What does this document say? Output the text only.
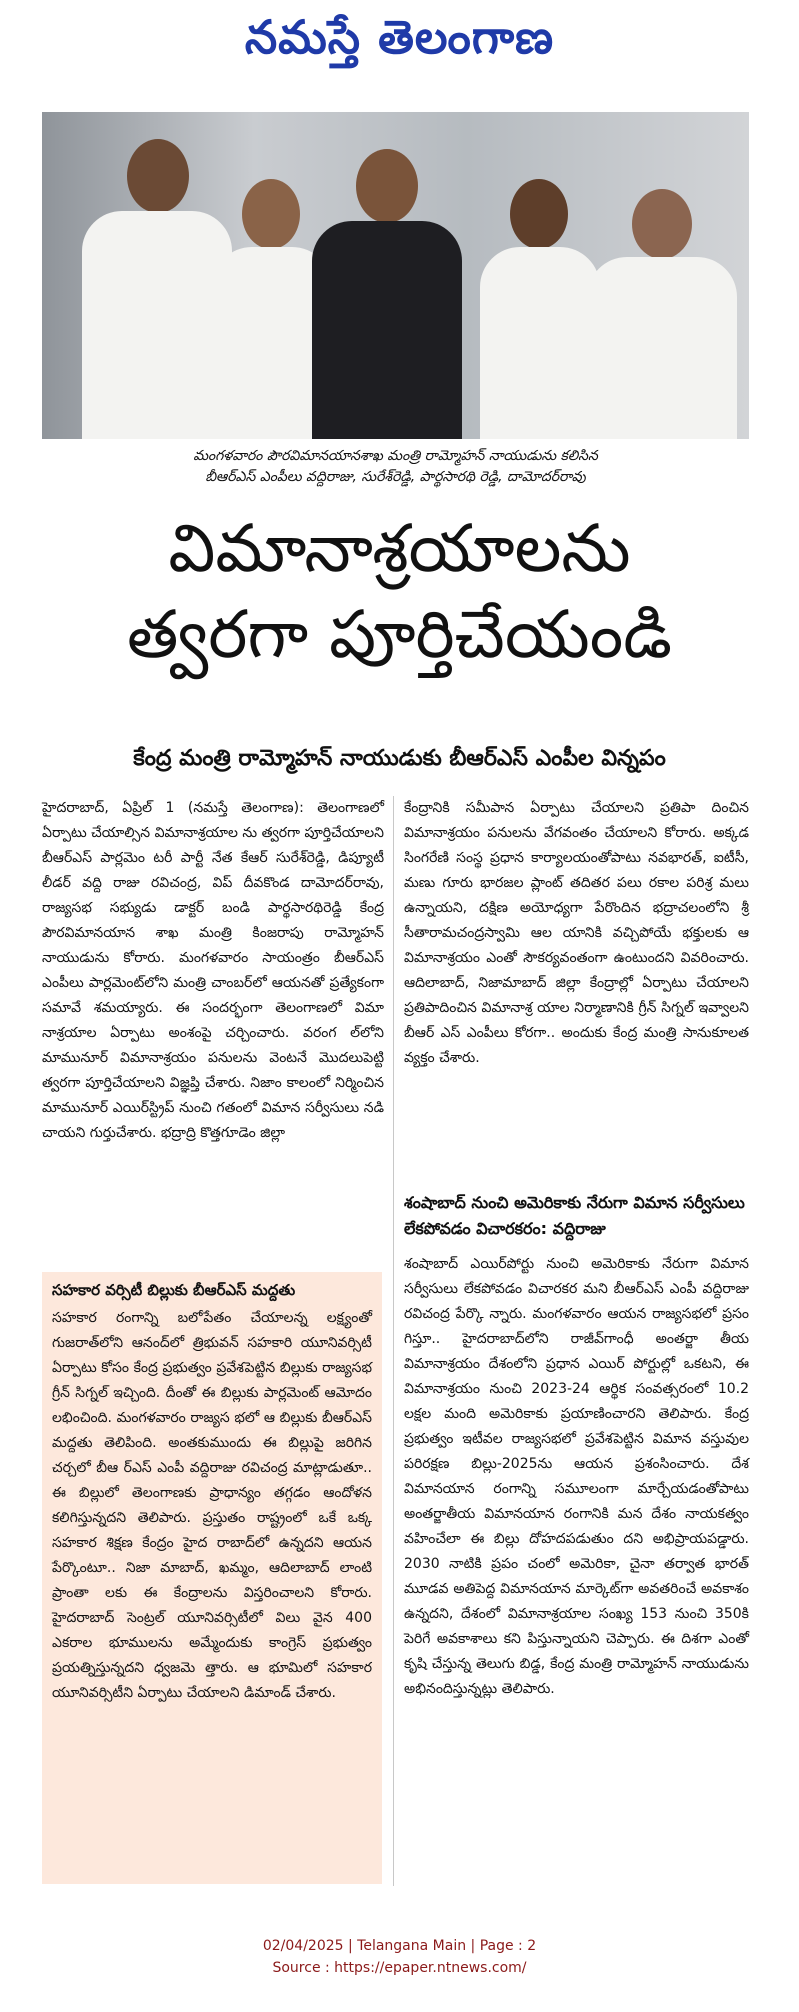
నమస్తే తెలంగాణ
మంగళవారం పౌరవిమానయానశాఖ మంత్రి రామ్మోహన్ నాయుడును కలిసిన
బీఆర్ఎస్ ఎంపీలు వద్దిరాజు, సురేశ్‌రెడ్డి, పార్థసారథి రెడ్డి, దామోదర్‌రావు
విమానాశ్రయాలను
త్వరగా పూర్తిచేయండి
కేంద్ర మంత్రి రామ్మోహన్ నాయుడుకు బీఆర్ఎస్ ఎంపీల విన్నపం

హైదరాబాద్, ఏప్రిల్ 1 (నమస్తే తెలంగాణ): తెలంగాణలో ఏర్పాటు చేయాల్సిన విమానాశ్రయాల ను త్వరగా పూర్తిచేయాలని బీఆర్ఎస్ పార్లమెం టరీ పార్టీ నేత కేఆర్ సురేశ్‌రెడ్డి, డిప్యూటీ లీడర్ వద్ది రాజు రవిచంద్ర, విప్ దీవకొండ దామోదర్‌రావు, రాజ్యసభ సభ్యుడు డాక్టర్ బండి పార్థసారథిరెడ్డి కేంద్ర పౌరవిమానయాన శాఖ మంత్రి కింజరాపు రామ్మోహన్ నాయుడును కోరారు. మంగళవారం సాయంత్రం బీఆర్ఎస్ ఎంపీలు పార్లమెంట్‌లోని మంత్రి చాంబర్‌లో ఆయనతో ప్రత్యేకంగా సమావే శమయ్యారు. ఈ సందర్భంగా తెలంగాణలో విమా నాశ్రయాల ఏర్పాటు అంశంపై చర్చించారు. వరంగ ల్‌లోని మామునూర్ విమానాశ్రయం పనులను వెంటనే మొదలుపెట్టి త్వరగా పూర్తిచేయాలని విజ్ఞప్తి చేశారు. నిజాం కాలంలో నిర్మించిన మామునూర్ ఎయిర్‌స్ట్రిప్ నుంచి గతంలో విమాన సర్వీసులు నడి చాయని గుర్తుచేశారు. భద్రాద్రి కొత్తగూడెం జిల్లా

కేంద్రానికి సమీపాన ఏర్పాటు చేయాలని ప్రతిపా దించిన విమానాశ్రయం పనులను వేగవంతం చేయాలని కోరారు. అక్కడ సింగరేణి సంస్థ ప్రధాన కార్యాలయంతోపాటు నవభారత్, ఐటీసీ, మణు గూరు భారజల ప్లాంట్ తదితర పలు రకాల పరిశ్ర మలు ఉన్నాయని, దక్షిణ అయోధ్యగా పేరొందిన భద్రాచలంలోని శ్రీ సీతారామచంద్రస్వామి ఆల యానికి వచ్చిపోయే భక్తులకు ఆ విమానాశ్రయం ఎంతో సౌకర్యవంతంగా ఉంటుందని వివరించారు. ఆదిలాబాద్, నిజామాబాద్ జిల్లా కేంద్రాల్లో ఏర్పాటు చేయాలని ప్రతిపాదించిన విమానాశ్ర యాల నిర్మాణానికి గ్రీన్ సిగ్నల్ ఇవ్వాలని బీఆర్ ఎస్ ఎంపీలు కోరగా.. అందుకు కేంద్ర మంత్రి సానుకూలత వ్యక్తం చేశారు.

శంషాబాద్ నుంచి అమెరికాకు నేరుగా విమాన సర్వీసులు లేకపోవడం విచారకరం: వద్దిరాజు

శంషాబాద్ ఎయిర్‌పోర్టు నుంచి అమెరికాకు నేరుగా విమాన సర్వీసులు లేకపోవడం విచారకర మని బీఆర్ఎస్ ఎంపీ వద్దిరాజు రవిచంద్ర పేర్కొ న్నారు. మంగళవారం ఆయన రాజ్యసభలో ప్రసం గిస్తూ.. హైదరాబాద్‌లోని రాజీవ్‌గాంధీ అంతర్జా తీయ విమానాశ్రయం దేశంలోని ప్రధాన ఎయిర్ పోర్టుల్లో ఒకటని, ఈ విమానాశ్రయం నుంచి 2023-24 ఆర్థిక సంవత్సరంలో 10.2 లక్షల మంది అమెరికాకు ప్రయాణించారని తెలిపారు. కేంద్ర ప్రభుత్వం ఇటీవల రాజ్యసభలో ప్రవేశపెట్టిన విమాన వస్తువుల పరిరక్షణ బిల్లు-2025ను ఆయన ప్రశంసించారు. దేశ విమానయాన రంగాన్ని సమూలంగా మార్చేయడంతోపాటు అంతర్జాతీయ విమానయాన రంగానికి మన దేశం నాయకత్వం వహించేలా ఈ బిల్లు దోహదపడుతుం దని అభిప్రాయపడ్డారు. 2030 నాటికి ప్రపం చంలో అమెరికా, చైనా తర్వాత భారత్ మూడవ అతిపెద్ద విమానయాన మార్కెట్‌గా అవతరించే అవకాశం ఉన్నదని, దేశంలో విమానాశ్రయాల సంఖ్య 153 నుంచి 350కి పెరిగే అవకాశాలు కని పిస్తున్నాయని చెప్పారు. ఈ దిశగా ఎంతో కృషి చేస్తున్న తెలుగు బిడ్డ, కేంద్ర మంత్రి రామ్మోహన్ నాయుడును అభినందిస్తున్నట్లు తెలిపారు.

సహకార వర్సిటీ బిల్లుకు బీఆర్ఎస్ మద్దతు
సహకార రంగాన్ని బలోపేతం చేయాలన్న లక్ష్యంతో గుజరాత్‌లోని ఆనంద్‌లో త్రిభువన్ సహకారి యూనివర్సిటీ ఏర్పాటు కోసం కేంద్ర ప్రభుత్వం ప్రవేశపెట్టిన బిల్లుకు రాజ్యసభ గ్రీన్ సిగ్నల్ ఇచ్చింది. దీంతో ఈ బిల్లుకు పార్లమెంట్ ఆమోదం లభించింది. మంగళవారం రాజ్యస భలో ఆ బిల్లుకు బీఆర్ఎస్ మద్దతు తెలిపింది. అంతకుముందు ఈ బిల్లుపై జరిగిన చర్చలో బీఆ ర్ఎస్ ఎంపీ వద్దిరాజు రవిచంద్ర మాట్లాడుతూ.. ఈ బిల్లులో తెలంగాణకు ప్రాధాన్యం తగ్గడం ఆందోళన కలిగిస్తున్నదని తెలిపారు. ప్రస్తుతం రాష్ట్రంలో ఒకే ఒక్క సహకార శిక్షణ కేంద్రం హైద రాబాద్‌లో ఉన్నదని ఆయన పేర్కొంటూ.. నిజా మాబాద్, ఖమ్మం, ఆదిలాబాద్ లాంటి ప్రాంతా లకు ఈ కేంద్రాలను విస్తరించాలని కోరారు. హైదరాబాద్ సెంట్రల్ యూనివర్సిటీలో విలు వైన 400 ఎకరాల భూములను అమ్మేందుకు కాంగ్రెస్ ప్రభుత్వం ప్రయత్నిస్తున్నదని ధ్వజమె త్తారు. ఆ భూమిలో సహకార యూనివర్సిటీని ఏర్పాటు చేయాలని డిమాండ్ చేశారు.
02/04/2025 | Telangana Main | Page : 2
Source : https://epaper.ntnews.com/
